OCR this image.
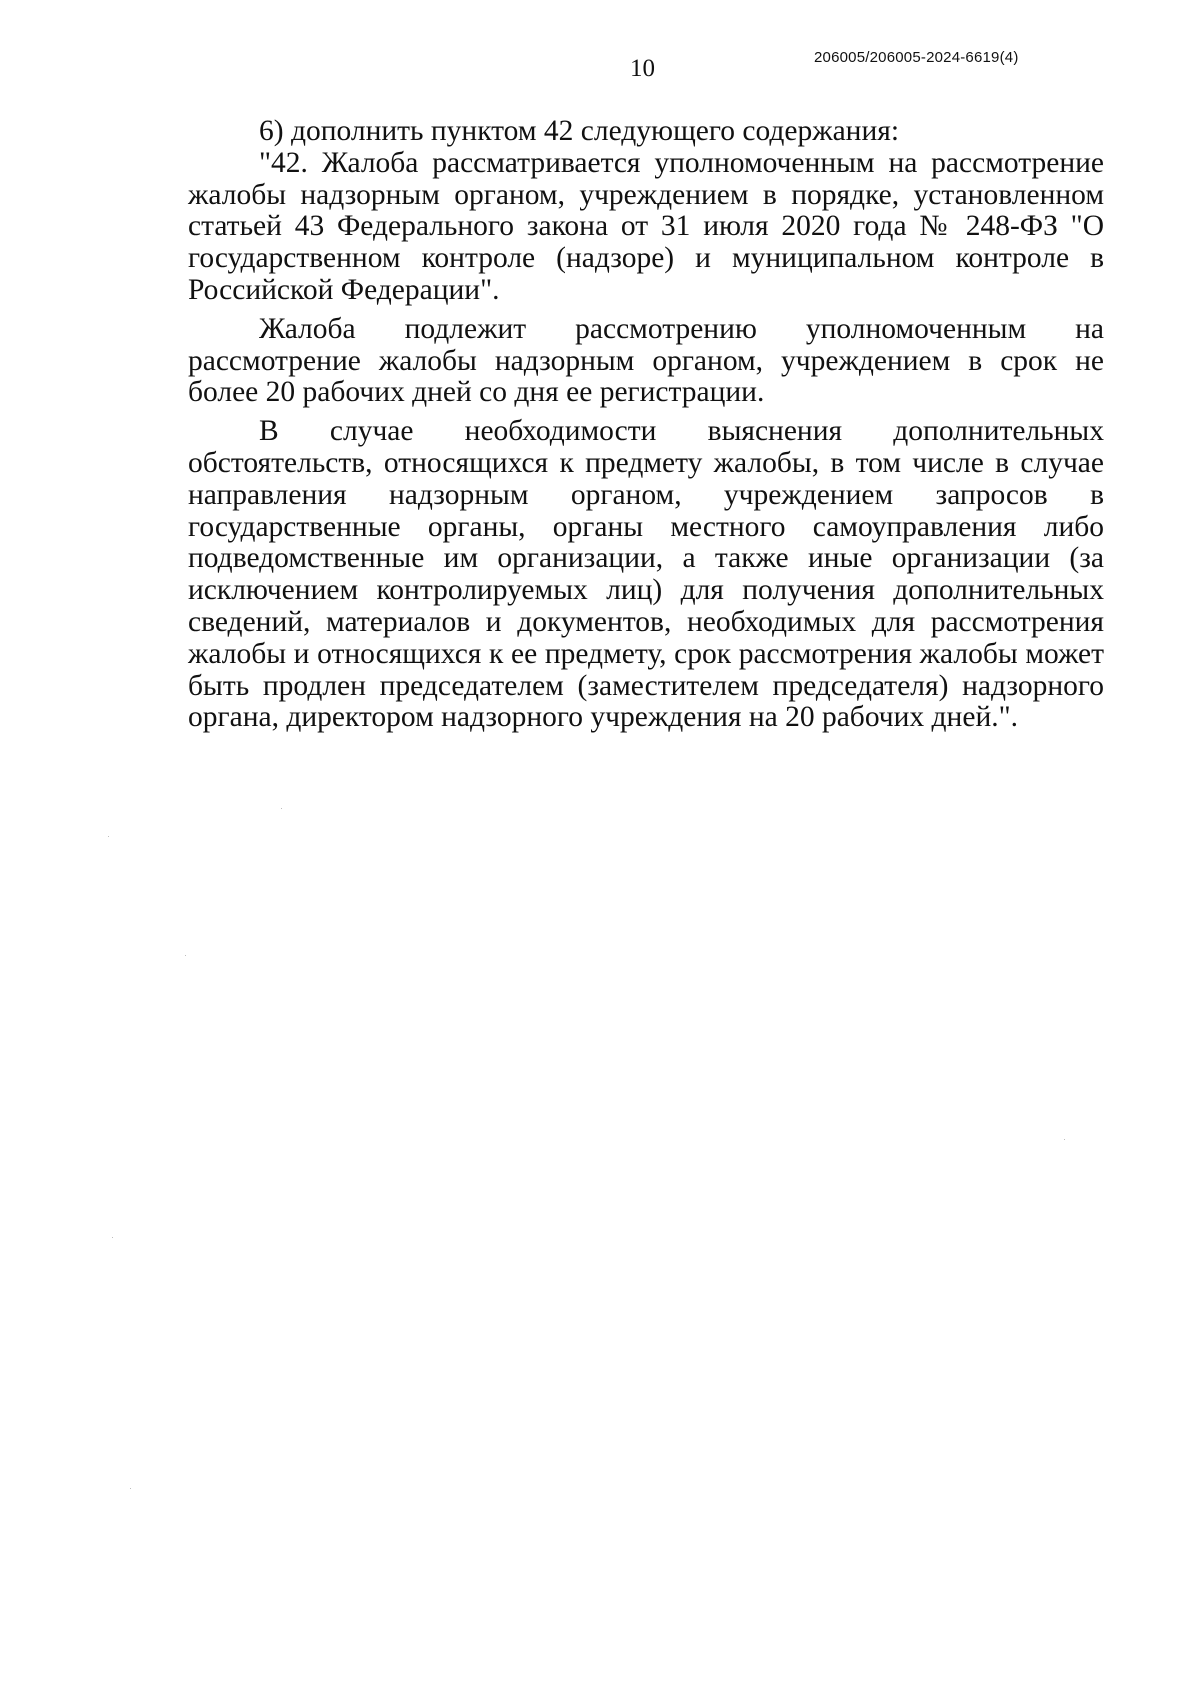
10	206005/206005-2024-6619(4)

6) дополнить пунктом 42 следующего содержания:

"42. Жалоба рассматривается уполномоченным на рассмотрение жалобы надзорным органом, учреждением в порядке, установленном статьей 43 Федерального закона от 31 июля 2020 года № 248-ФЗ "О государственном контроле (надзоре) и муниципальном контроле в Российской Федерации".

Жалоба подлежит рассмотрению уполномоченным на рассмотрение жалобы надзорным органом, учреждением в срок не более 20 рабочих дней со дня ее регистрации.

В случае необходимости выяснения дополнительных обстоятельств, относящихся к предмету жалобы, в том числе в случае направления надзорным органом, учреждением запросов в государственные органы, органы местного самоуправления либо подведомственные им организации, а также иные организации (за исключением контролируемых лиц) для получения дополнительных сведений, материалов и документов, необходимых для рассмотрения жалобы и относящихся к ее предмету, срок рассмотрения жалобы может быть продлен председателем (заместителем председателя) надзорного органа, директором надзорного учреждения на 20 рабочих дней.".
